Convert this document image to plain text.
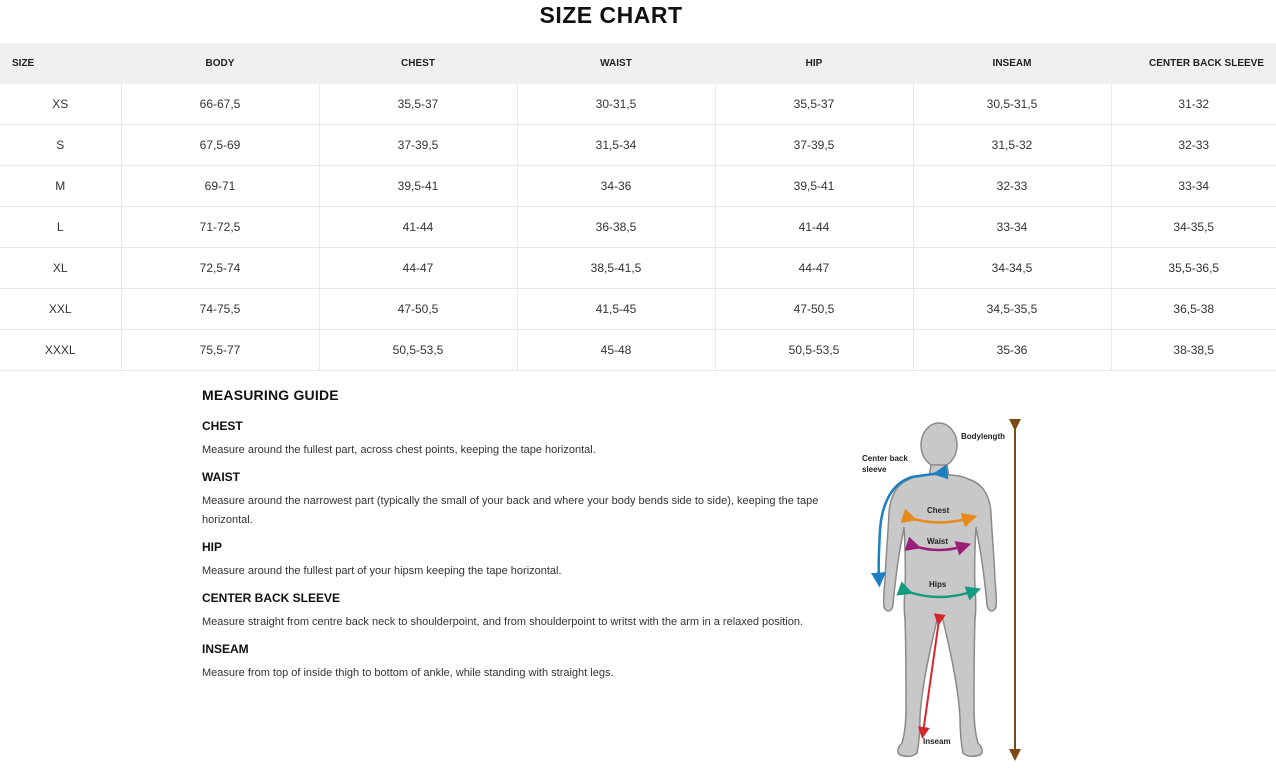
SIZE CHART
SIZE	BODY	CHEST	WAIST	HIP	INSEAM	CENTER BACK SLEEVE
XS	66-67,5	35,5-37	30-31,5	35,5-37	30,5-31,5	31-32
S	67,5-69	37-39,5	31,5-34	37-39,5	31,5-32	32-33
M	69-71	39,5-41	34-36	39,5-41	32-33	33-34
L	71-72,5	41-44	36-38,5	41-44	33-34	34-35,5
XL	72,5-74	44-47	38,5-41,5	44-47	34-34,5	35,5-36,5
XXL	74-75,5	47-50,5	41,5-45	47-50,5	34,5-35,5	36,5-38
XXXL	75,5-77	50,5-53,5	45-48	50,5-53,5	35-36	38-38,5
MEASURING GUIDE
CHEST

Measure around the fullest part, across chest points, keeping the tape horizontal.

WAIST

Measure around the narrowest part (typically the small of your back and where your body bends side to side), keeping the tape horizontal.

HIP

Measure around the fullest part of your hipsm keeping the tape horizontal.

CENTER BACK SLEEVE

Measure straight from centre back neck to shoulderpoint, and from shoulderpoint to writst with the arm in a relaxed position.

INSEAM

Measure from top of inside thigh to bottom of ankle, while standing with straight legs.

Bodylength
Center back
sleeve
Chest
Waist
Hips
Inseam
